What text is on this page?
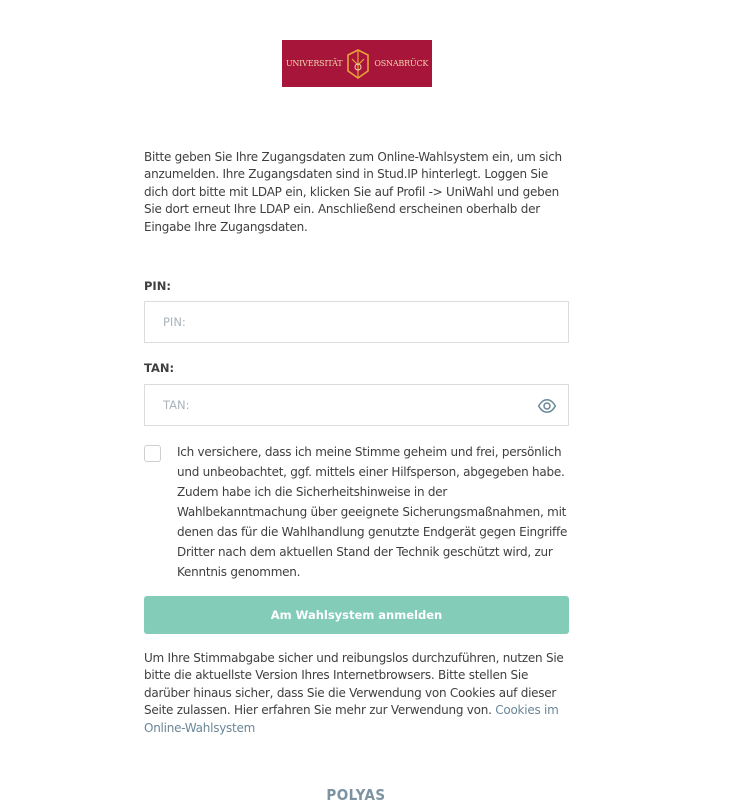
UNIVERSITÄT	OSNABRÜCK

Bitte geben Sie Ihre Zugangsdaten zum Online-Wahlsystem ein, um sich anzumelden. Ihre Zugangsdaten sind in Stud.IP hinterlegt. Loggen Sie dich dort bitte mit LDAP ein, klicken Sie auf Profil -> UniWahl und geben Sie dort erneut Ihre LDAP ein. Anschließend erscheinen oberhalb der Eingabe Ihre Zugangsdaten.

PIN:
TAN:

Ich versichere, dass ich meine Stimme geheim und frei, persönlich und unbeobachtet, ggf. mittels einer Hilfsperson, abgegeben habe. Zudem habe ich die Sicherheitshinweise in der Wahlbekanntmachung über geeignete Sicherungsmaßnahmen, mit denen das für die Wahlhandlung genutzte Endgerät gegen Eingriffe Dritter nach dem aktuellen Stand der Technik geschützt wird, zur Kenntnis genommen.

Am Wahlsystem anmelden

Um Ihre Stimmabgabe sicher und reibungslos durchzuführen, nutzen Sie bitte die aktuellste Version Ihres Internetbrowsers. Bitte stellen Sie darüber hinaus sicher, dass Sie die Verwendung von Cookies auf dieser Seite zulassen. Hier erfahren Sie mehr zur Verwendung von. Cookies im Online-Wahlsystem

POLYAS
